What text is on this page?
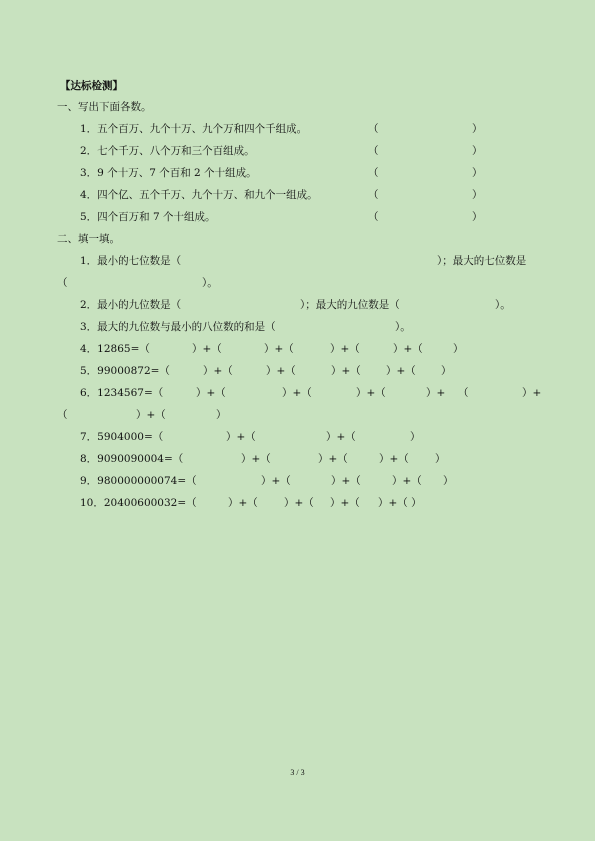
【达标检测】
一、写出下面各数。
1．五个百万、九个十万、九个万和四个千组成。	（	）
2．七个千万、八个万和三个百组成。	（	）
3．9 个十万、7 个百和 2 个十组成。	（	）
4．四个亿、五个千万、九个十万、和九个一组成。	（	）
5．四个百万和 7 个十组成。	（	）
二、填一填。
1．最小的七位数是（	）；最大的七位数是
（	）。
2．最小的九位数是（	）；最大的九位数是（	）。
3．最大的九位数与最小的八位数的和是（	）。
4．12865=（	）+（	）+（	）+（	）+（	）
5．99000872=（	）+（	）+（	）+（ ）+（ ）
6．1234567=（	）+（	）+（	）+（	）+ （	）+
（	）+（	）
7．5904000=（	）+（	）+（	）
8．9090090004=（	）+（	）+（	）+（ ）
9．980000000074=（	）+（	）+（	）+（ ）
10．20400600032=（	）+（ ）+（ ）+（ ）+（ ）
3 / 3
